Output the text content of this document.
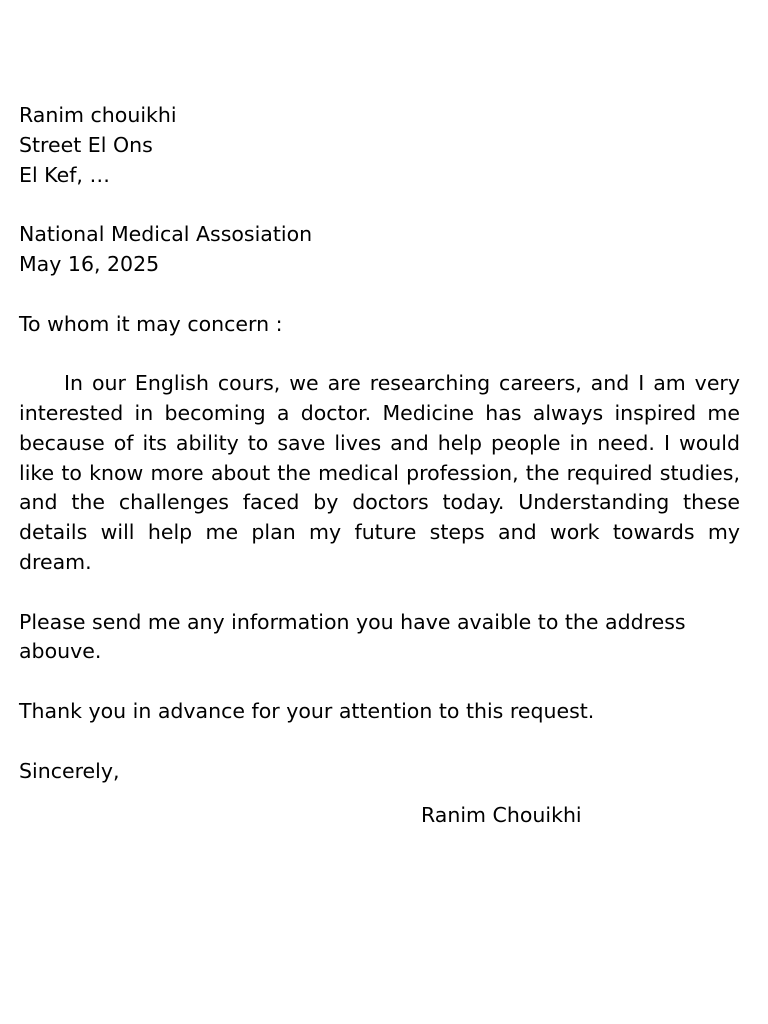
Ranim chouikhi
Street El Ons
El Kef, …
National Medical Assosiation
May 16, 2025
To whom it may concern :

In our English cours, we are researching careers, and I am very interested in becoming a doctor. Medicine has always inspired me because of its ability to save lives and help people in need. I would like to know more about the medical profession, the required studies, and the challenges faced by doctors today. Understanding these details will help me plan my future steps and work towards my dream.

Please send me any information you have avaible to the address abouve.

Thank you in advance for your attention to this request.

Sincerely,
Ranim Chouikhi
